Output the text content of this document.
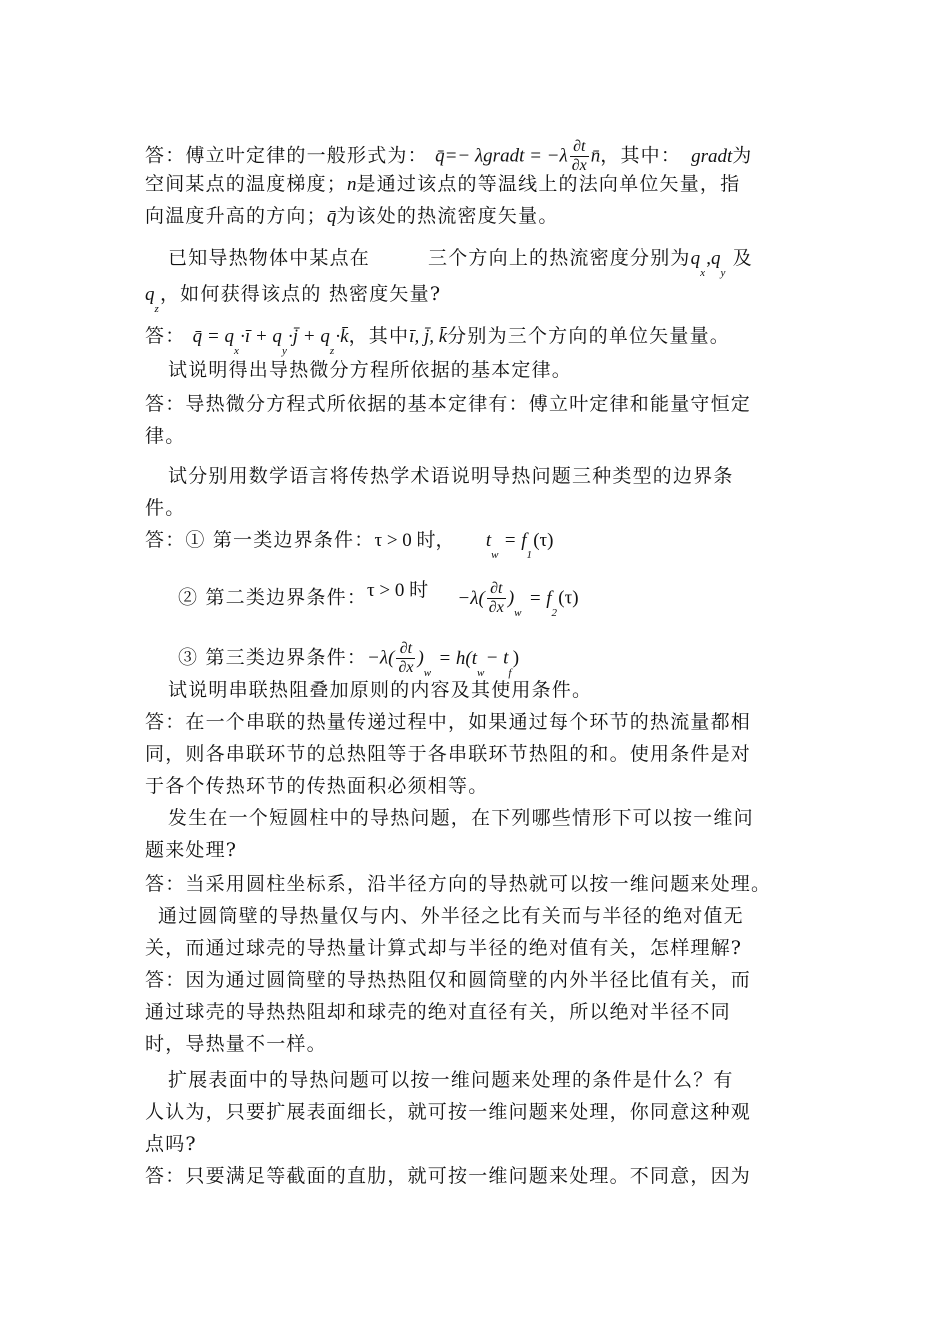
答：傅立叶定律的一般形式为： q̄=− λgradt = $-\lambda \frac{\partial t}{\partial x}$ n̄，其中： gradt为
空间某点的温度梯度；n是通过该点的等温线上的法向单位矢量，指
向温度升高的方向；q̄为该处的热流密度矢量。
已知导热物体中某点在	三个方向上的热流密度分别为$q_x,q_y$及
$q_z$，如何获得该点的 热密度矢量?
答： q̄ = $q_x\cdot ī$ + $q_y\cdot j̄$ + $q_z\cdot k̄$，其中ī, j̄, k̄分别为三个方向的单位矢量量。
试说明得出导热微分方程所依据的基本定律。
答：导热微分方程式所依据的基本定律有：傅立叶定律和能量守恒定
律。
试分别用数学语言将传热学术语说明导热问题三种类型的边界条
件。
答：① 第一类边界条件：τ > 0 时， $t_w= f_1(\tau)$
② 第二类边界条件：τ > 0 时 $-\lambda( \frac{\partial t}{\partial x} )_w= f_2(\tau)$
③ 第三类边界条件：$-\lambda( \frac{\partial t}{\partial x} )_w= h(t_w- t_f)$
试说明串联热阻叠加原则的内容及其使用条件。
答：在一个串联的热量传递过程中，如果通过每个环节的热流量都相
同，则各串联环节的总热阻等于各串联环节热阻的和。使用条件是对
于各个传热环节的传热面积必须相等。
发生在一个短圆柱中的导热问题，在下列哪些情形下可以按一维问
题来处理?
答：当采用圆柱坐标系，沿半径方向的导热就可以按一维问题来处理。
通过圆筒壁的导热量仅与内、外半径之比有关而与半径的绝对值无
关，而通过球壳的导热量计算式却与半径的绝对值有关，怎样理解?
答：因为通过圆筒壁的导热热阻仅和圆筒壁的内外半径比值有关，而
通过球壳的导热热阻却和球壳的绝对直径有关，所以绝对半径不同
时，导热量不一样。
扩展表面中的导热问题可以按一维问题来处理的条件是什么？有
人认为，只要扩展表面细长，就可按一维问题来处理，你同意这种观
点吗?
答：只要满足等截面的直肋，就可按一维问题来处理。不同意，因为
